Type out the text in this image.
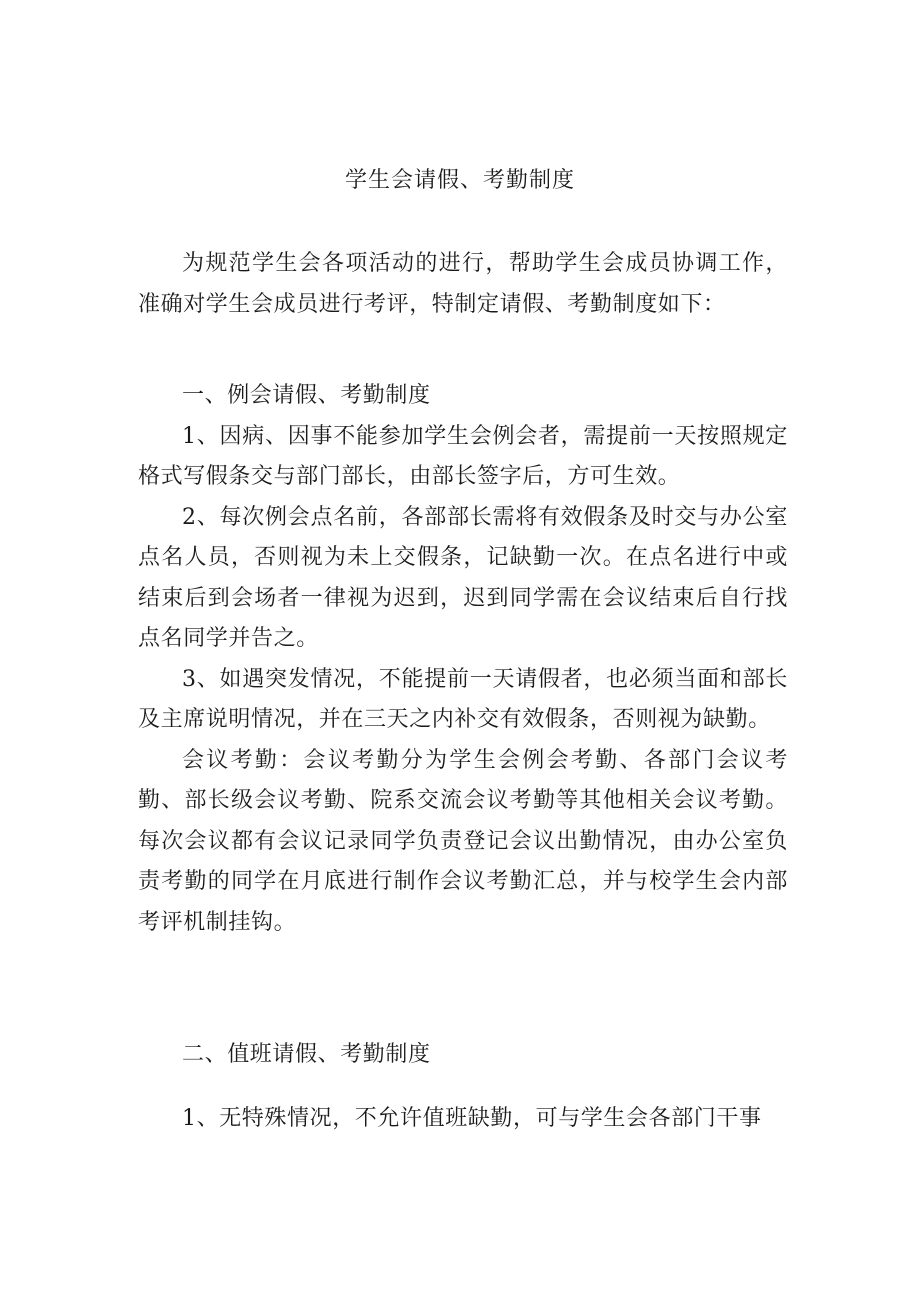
学生会请假、考勤制度

为规范学生会各项活动的进行，帮助学生会成员协调工作，准确对学生会成员进行考评，特制定请假、考勤制度如下：

一、例会请假、考勤制度

1、因病、因事不能参加学生会例会者，需提前一天按照规定格式写假条交与部门部长，由部长签字后，方可生效。

2、每次例会点名前，各部部长需将有效假条及时交与办公室点名人员，否则视为未上交假条，记缺勤一次。在点名进行中或结束后到会场者一律视为迟到，迟到同学需在会议结束后自行找点名同学并告之。

3、如遇突发情况，不能提前一天请假者，也必须当面和部长及主席说明情况，并在三天之内补交有效假条，否则视为缺勤。

会议考勤：会议考勤分为学生会例会考勤、各部门会议考勤、部长级会议考勤、院系交流会议考勤等其他相关会议考勤。每次会议都有会议记录同学负责登记会议出勤情况，由办公室负责考勤的同学在月底进行制作会议考勤汇总，并与校学生会内部考评机制挂钩。

二、值班请假、考勤制度

1、无特殊情况，不允许值班缺勤，可与学生会各部门干事
